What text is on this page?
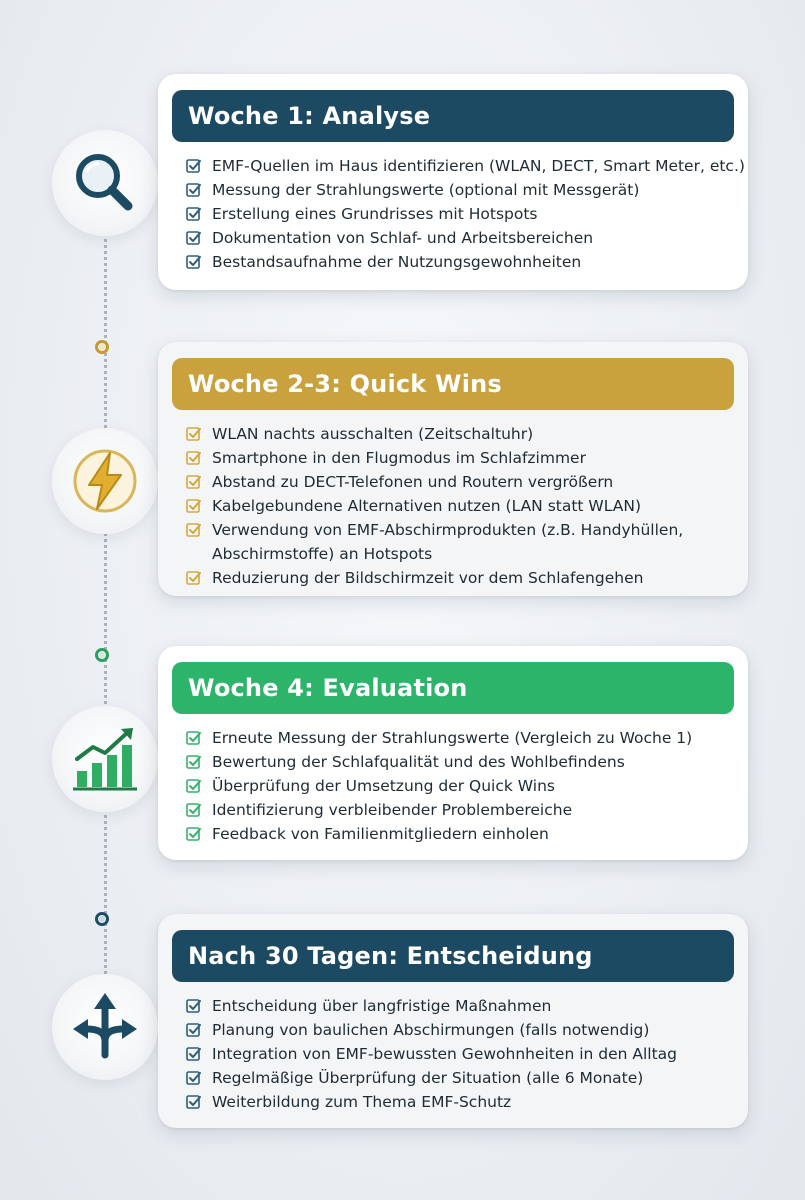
Woche 1: Analyse
EMF-Quellen im Haus identifizieren (WLAN, DECT, Smart Meter, etc.)
Messung der Strahlungswerte (optional mit Messgerät)
Erstellung eines Grundrisses mit Hotspots
Dokumentation von Schlaf- und Arbeitsbereichen
Bestandsaufnahme der Nutzungsgewohnheiten
Woche 2-3: Quick Wins
WLAN nachts ausschalten (Zeitschaltuhr)
Smartphone in den Flugmodus im Schlafzimmer
Abstand zu DECT-Telefonen und Routern vergrößern
Kabelgebundene Alternativen nutzen (LAN statt WLAN)
Verwendung von EMF-Abschirmprodukten (z.B. Handyhüllen, Abschirmstoffe) an Hotspots
Reduzierung der Bildschirmzeit vor dem Schlafengehen
Woche 4: Evaluation
Erneute Messung der Strahlungswerte (Vergleich zu Woche 1)
Bewertung der Schlafqualität und des Wohlbefindens
Überprüfung der Umsetzung der Quick Wins
Identifizierung verbleibender Problembereiche
Feedback von Familienmitgliedern einholen
Nach 30 Tagen: Entscheidung
Entscheidung über langfristige Maßnahmen
Planung von baulichen Abschirmungen (falls notwendig)
Integration von EMF-bewussten Gewohnheiten in den Alltag
Regelmäßige Überprüfung der Situation (alle 6 Monate)
Weiterbildung zum Thema EMF-Schutz
